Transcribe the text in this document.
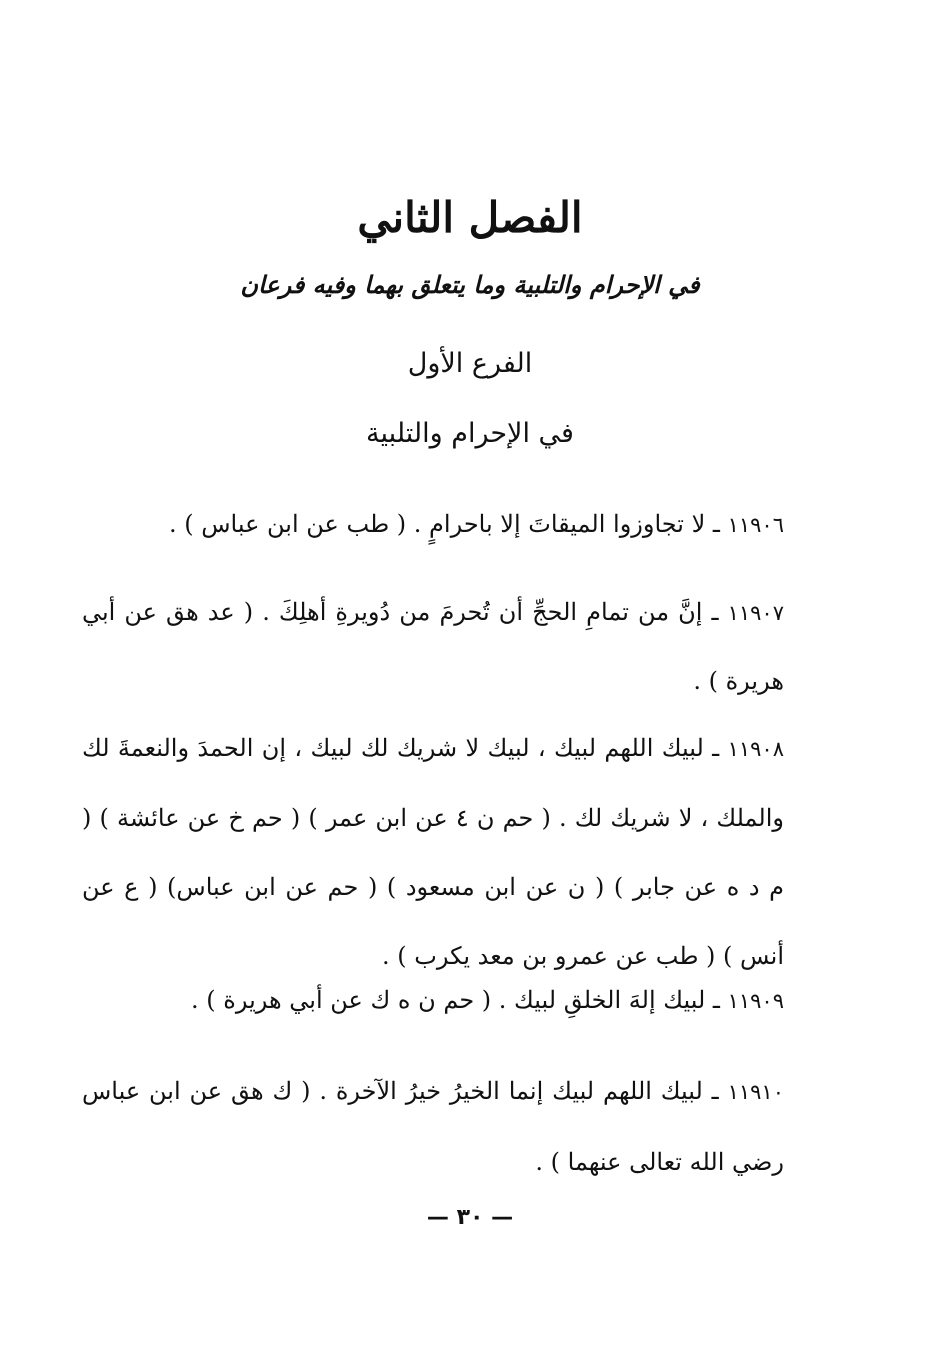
الفصل الثاني
في الإحرام والتلبية وما يتعلق بهما وفيه فرعان
الفرع الأول
في الإحرام والتلبية

١١٩٠٦ ـ لا تجاوزوا الميقاتَ إلا باحرامٍ . ( طب عن ابن عباس ) .

١١٩٠٧ ـ إنَّ من تمامِ الحجِّ أن تُحرمَ من دُويرةِ أهلِكَ . ( عد هق عن أبي هريرة ) .

١١٩٠٨ ـ لبيك اللهم لبيك ، لبيك لا شريك لك لبيك ، إن الحمدَ والنعمةَ لك والملك ، لا شريك لك . ( حم ن ٤ عن ابن عمر ) ( حم خ عن عائشة ) ( م د ه عن جابر ) ( ن عن ابن مسعود ) ( حم عن ابن عباس) ( ع عن أنس ) ( طب عن عمرو بن معد يكرب ) .

١١٩٠٩ ـ لبيك إلهَ الخلقِ لبيك . ( حم ن ه ك عن أبي هريرة ) .

١١٩١٠ ـ لبيك اللهم لبيك إنما الخيرُ خيرُ الآخرة . ( ك هق عن ابن عباس رضي الله تعالى عنهما ) .

— ٣٠ —
